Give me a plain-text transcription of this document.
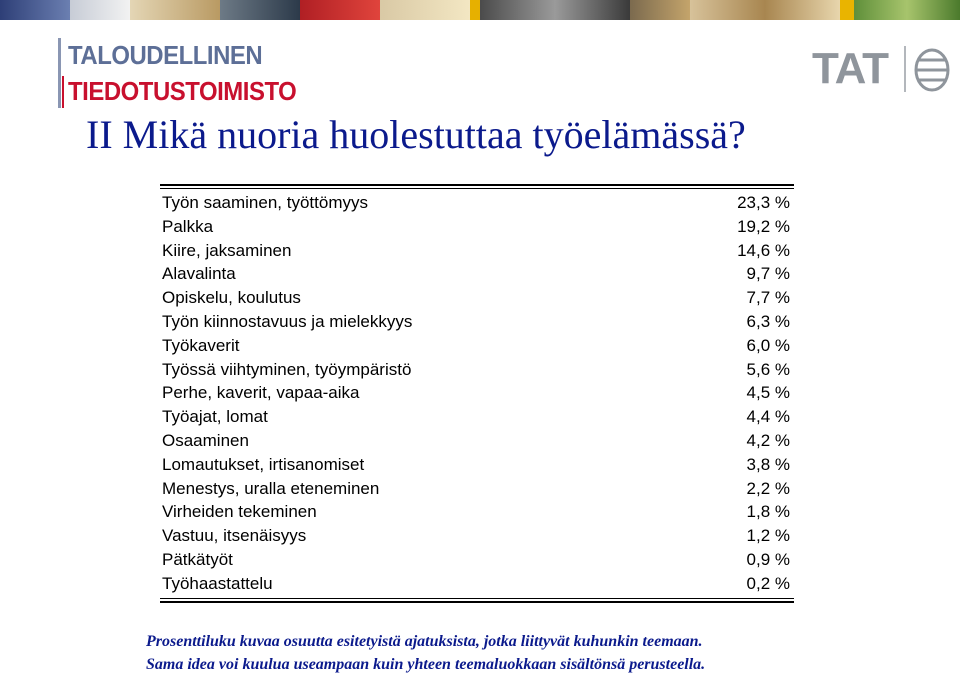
TALOUDELLINEN
TIEDOTUSTOIMISTO	TAT
II Mikä nuoria huolestuttaa työelämässä?
Työn saaminen, työttömyys	23,3 %
Palkka	19,2 %
Kiire, jaksaminen	14,6 %
Alavalinta	9,7 %
Opiskelu, koulutus	7,7 %
Työn kiinnostavuus ja mielekkyys	6,3 %
Työkaverit	6,0 %
Työssä viihtyminen, työympäristö	5,6 %
Perhe, kaverit, vapaa-aika	4,5 %
Työajat, lomat	4,4 %
Osaaminen	4,2 %
Lomautukset, irtisanomiset	3,8 %
Menestys, uralla eteneminen	2,2 %
Virheiden tekeminen	1,8 %
Vastuu, itsenäisyys	1,2 %
Pätkätyöt	0,9 %
Työhaastattelu	0,2 %
Prosenttiluku kuvaa osuutta esitetyistä ajatuksista, jotka liittyvät kuhunkin teemaan.
Sama idea voi kuulua useampaan kuin yhteen teemaluokkaan sisältönsä perusteella.
